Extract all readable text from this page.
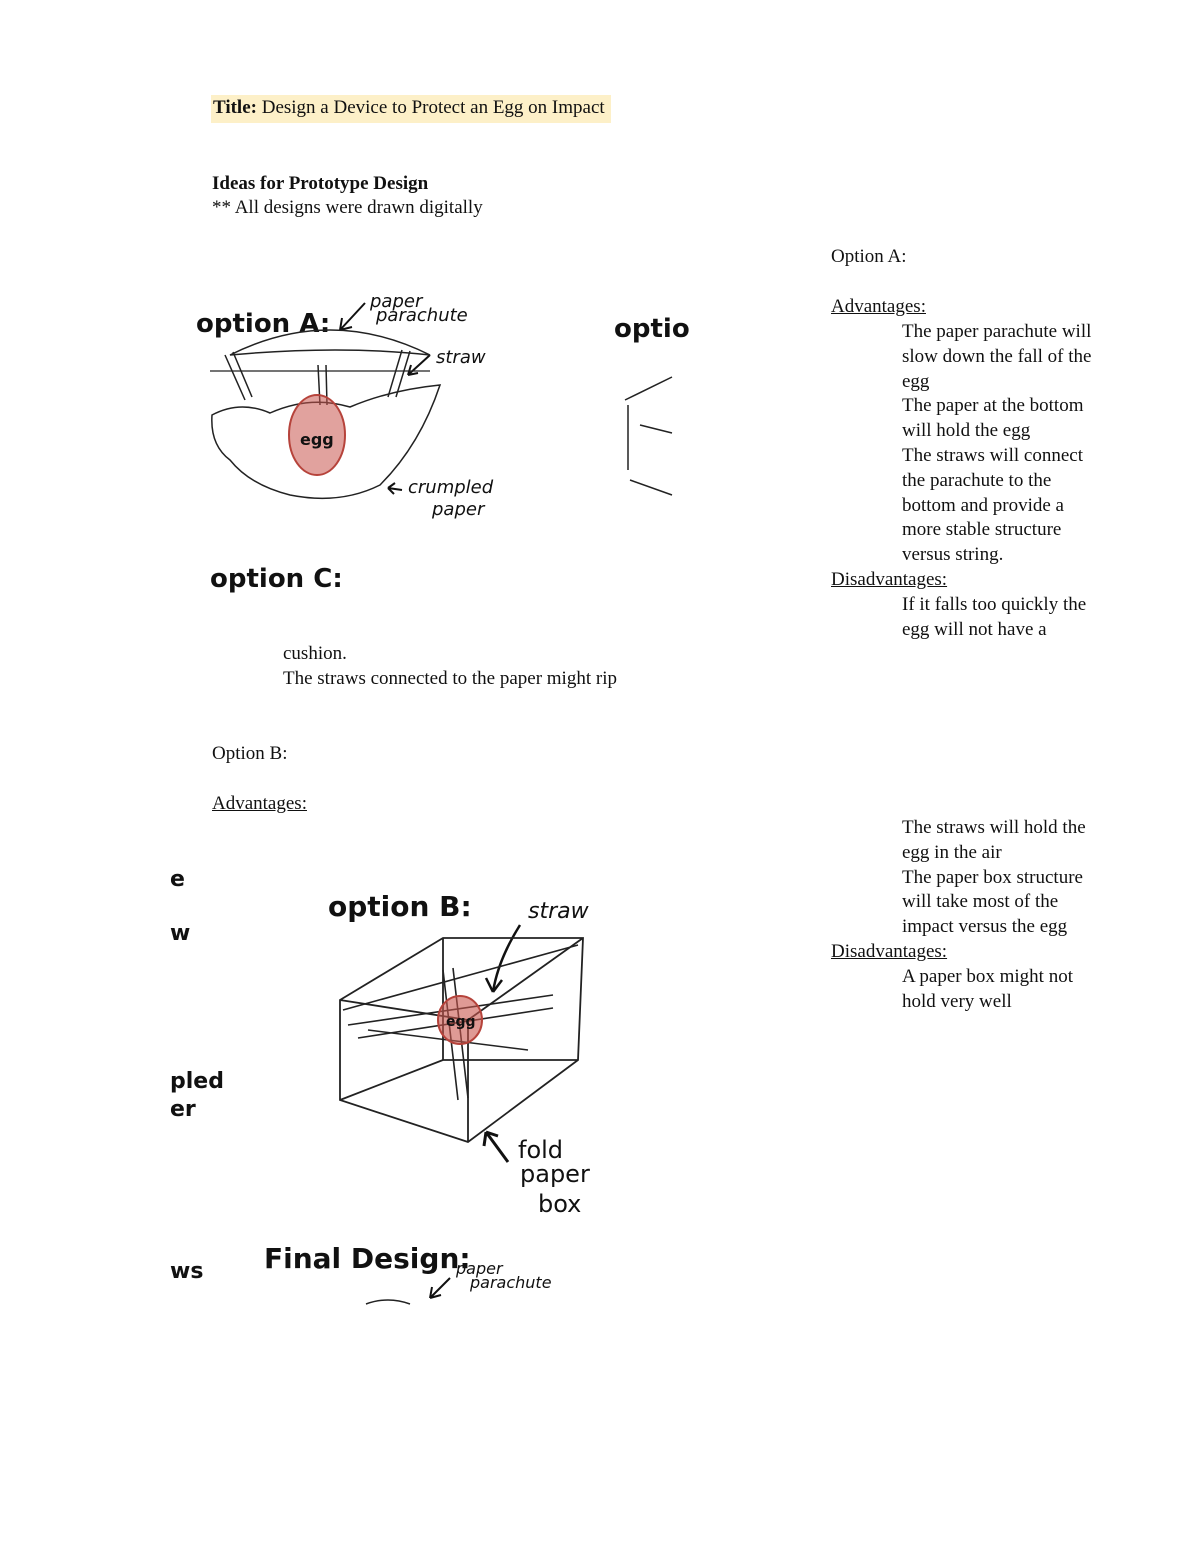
Title: Design a Device to Protect an Egg on Impact
Ideas for Prototype Design
** All designs were drawn digitally
option A:
paper
parachute
straw
egg
crumpled
paper
optio
option C:
Option A:
Advantages:
The paper parachute will
slow down the fall of the
egg
The paper at the bottom
will hold the egg
The straws will connect
the parachute to the
bottom and provide a
more stable structure
versus string.
Disadvantages:
If it falls too quickly the
egg will not have a
cushion.
The straws connected to the paper might rip
Option B:
Advantages:
The straws will hold the
egg in the air
The paper box structure
will take most of the
impact versus the egg
Disadvantages:
A paper box might not
hold very well
e
w
pled
er
ws
option B:	straw
egg
fold
paper
box
Final Design:
paper
parachute
